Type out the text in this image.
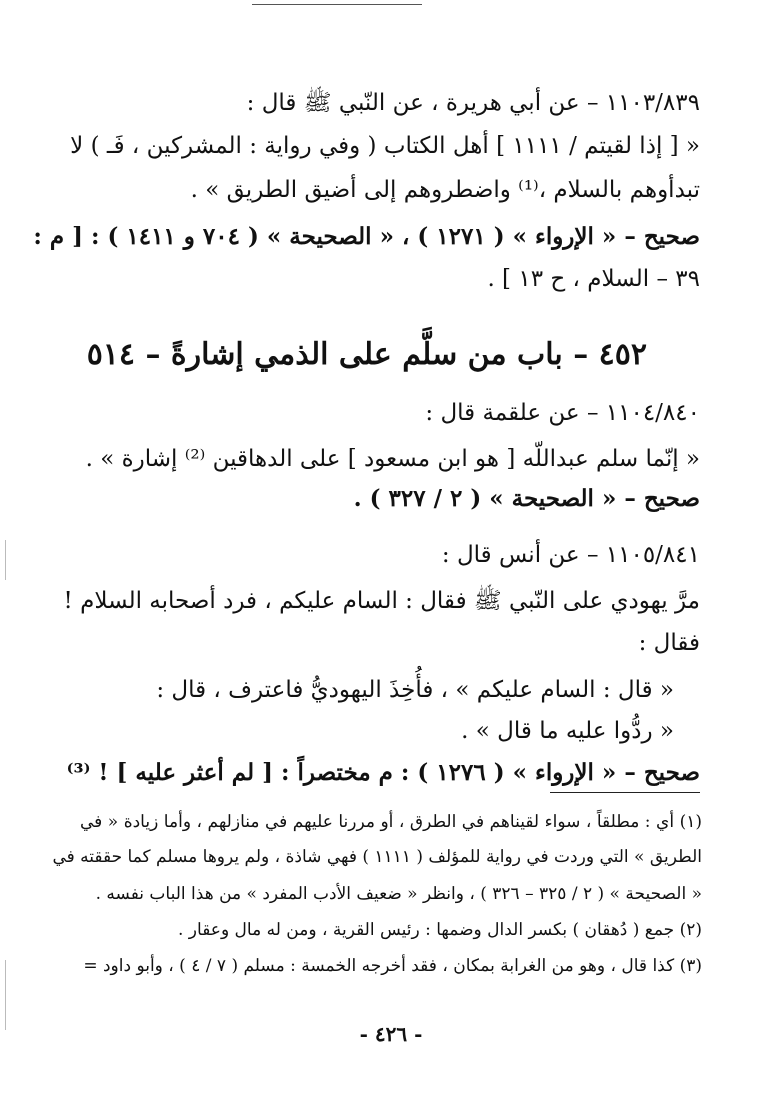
١١٠٣/٨٣٩ – عن أبي هريرة ، عن النّبي ﷺ قال :
« [ إذا لقيتم / ١١١١ ] أهل الكتاب ( وفي رواية : المشركين ، فَـ ) لا
تبدأوهم بالسلام ،⁽¹⁾ واضطروهم إلى أضيق الطريق » .
صحيح – « الإرواء » ( ١٢٧١ ) ، « الصحيحة » ( ٧٠٤ و ١٤١١ ) : [ م :
٣٩ – السلام ، ح ١٣ ] .
٤٥٢ – باب من سلَّم على الذمي إشارةً – ٥١٤
١١٠٤/٨٤٠ – عن علقمة قال :
« إنّما سلم عبداللّه [ هو ابن مسعود ] على الدهاقين ⁽²⁾ إشارة » .
صحيح – « الصحيحة » ( ٢ / ٣٢٧ ) .
١١٠٥/٨٤١ – عن أنس قال :
مرَّ يهودي على النّبي ﷺ فقال : السام عليكم ، فرد أصحابه السلام !
فقال :
« قال : السام عليكم » ، فأُخِذَ اليهوديُّ فاعترف ، قال :
« ردُّوا عليه ما قال » .
صحيح – « الإرواء » ( ١٢٧٦ ) : م مختصراً : [ لم أعثر عليه ] ! ⁽³⁾
(١) أي : مطلقاً ، سواء لقيناهم في الطرق ، أو مررنا عليهم في منازلهم ، وأما زيادة « في
الطريق » التي وردت في رواية للمؤلف ( ١١١١ ) فهي شاذة ، ولم يروها مسلم كما حققته في
« الصحيحة » ( ٢ / ٣٢٥ – ٣٢٦ ) ، وانظر « ضعيف الأدب المفرد » من هذا الباب نفسه .
(٢) جمع ( دُهقان ) بكسر الدال وضمها : رئيس القرية ، ومن له مال وعقار .
(٣) كذا قال ، وهو من الغرابة بمكان ، فقد أخرجه الخمسة : مسلم ( ٧ / ٤ ) ، وأبو داود =
- ٤٢٦ -
